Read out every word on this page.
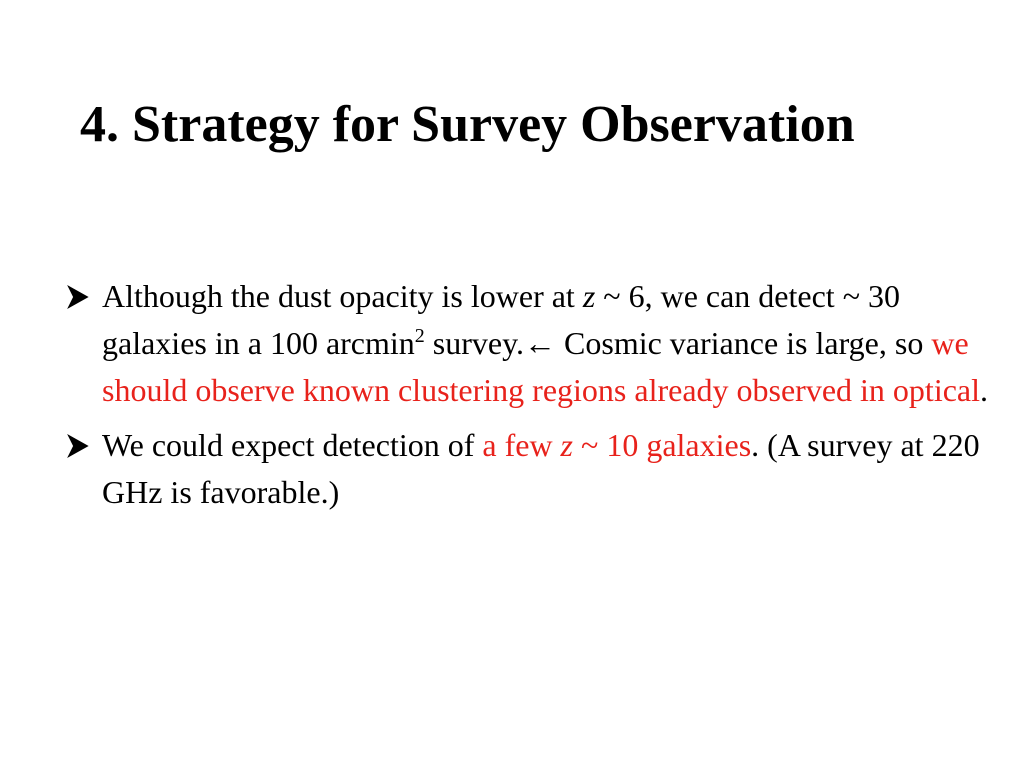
4. Strategy for Survey Observation
Although the dust opacity is lower at z ~ 6, we can detect ~ 30 galaxies in a 100 arcmin$^2$ survey.← Cosmic variance is large, so we should observe known clustering regions already observed in optical.
We could expect detection of a few z ~ 10 galaxies. (A survey at 220 GHz is favorable.)
